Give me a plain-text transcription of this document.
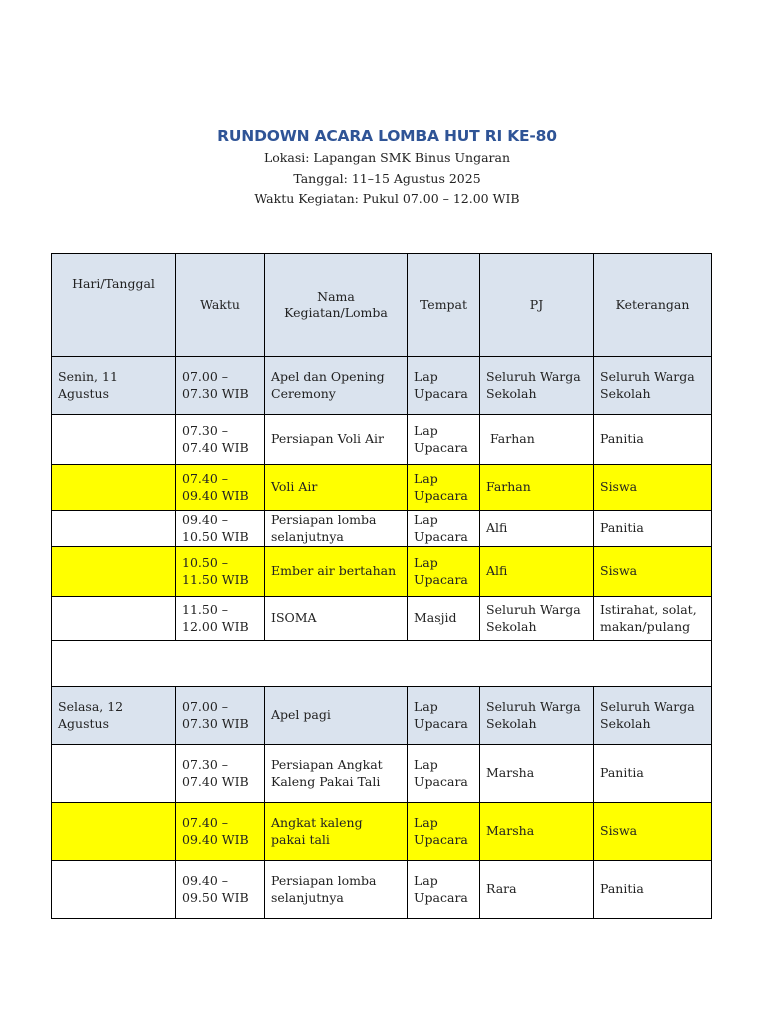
RUNDOWN ACARA LOMBA HUT RI KE-80

Lokasi: Lapangan SMK Binus Ungaran

Tanggal: 11–15 Agustus 2025

Waktu Kegiatan: Pukul 07.00 – 12.00 WIB

Hari/Tanggal	Waktu	Nama Kegiatan/Lomba	Tempat	PJ	Keterangan
Senin, 11 Agustus	07.00 – 07.30 WIB	Apel dan Opening Ceremony	Lap Upacara	Seluruh Warga Sekolah	Seluruh Warga Sekolah
	07.30 – 07.40 WIB	Persiapan Voli Air	Lap Upacara	Farhan	Panitia
	07.40 – 09.40 WIB	Voli Air	Lap Upacara	Farhan	Siswa
	09.40 – 10.50 WIB	Persiapan lomba selanjutnya	Lap Upacara	Alfi	Panitia
	10.50 – 11.50 WIB	Ember air bertahan	Lap Upacara	Alfi	Siswa
	11.50 – 12.00 WIB	ISOMA	Masjid	Seluruh Warga Sekolah	Istirahat, solat, makan/pulang

Selasa, 12 Agustus	07.00 – 07.30 WIB	Apel pagi	Lap Upacara	Seluruh Warga Sekolah	Seluruh Warga Sekolah
	07.30 – 07.40 WIB	Persiapan Angkat Kaleng Pakai Tali	Lap Upacara	Marsha	Panitia
	07.40 – 09.40 WIB	Angkat kaleng pakai tali	Lap Upacara	Marsha	Siswa
	09.40 – 09.50 WIB	Persiapan lomba selanjutnya	Lap Upacara	Rara	Panitia
